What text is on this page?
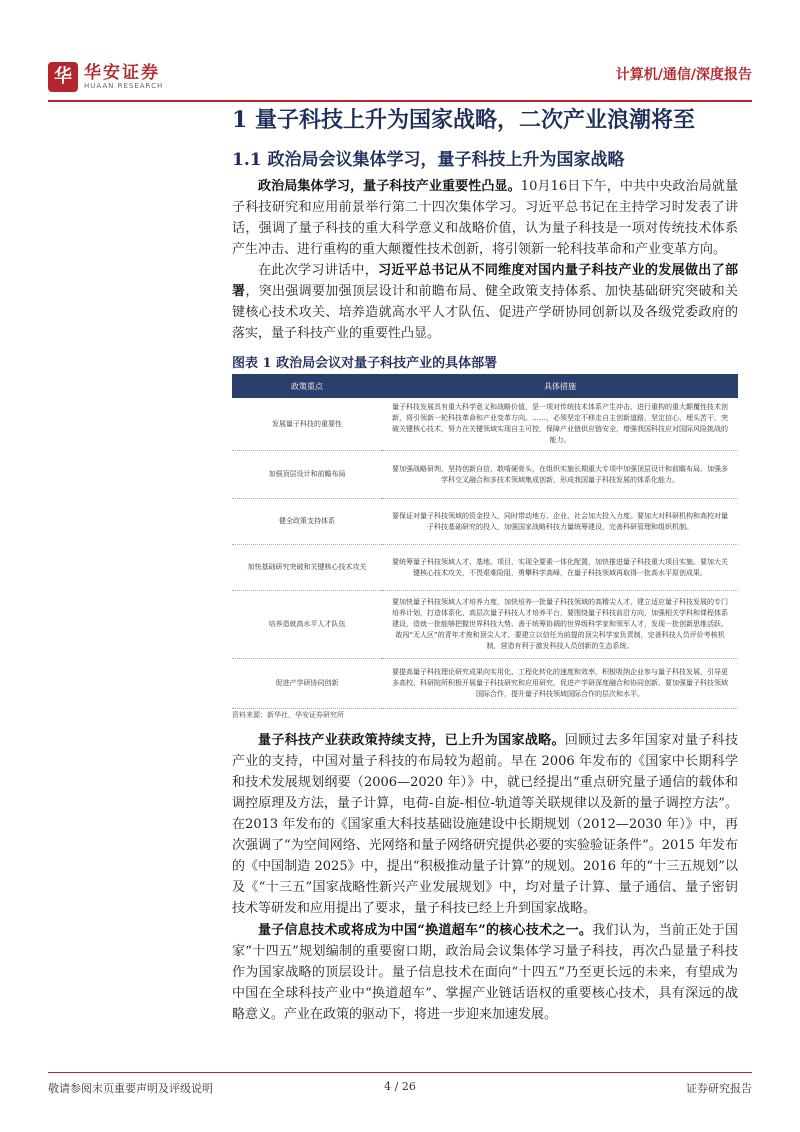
华 华安证券
HUAAN RESEARCH
计算机/通信/深度报告
1 量子科技上升为国家战略，二次产业浪潮将至
1.1 政治局会议集体学习，量子科技上升为国家战略

政治局集体学习，量子科技产业重要性凸显。10月16日下午，中共中央政治局就量子科技研究和应用前景举行第二十四次集体学习。习近平总书记在主持学习时发表了讲话，强调了量子科技的重大科学意义和战略价值，认为量子科技是一项对传统技术体系产生冲击、进行重构的重大颠覆性技术创新，将引领新一轮科技革命和产业变革方向。

在此次学习讲话中，习近平总书记从不同维度对国内量子科技产业的发展做出了部署，突出强调要加强顶层设计和前瞻布局、健全政策支持体系、加快基础研究突破和关键核心技术攻关、培养造就高水平人才队伍、促进产学研协同创新以及各级党委政府的落实，量子科技产业的重要性凸显。

图表 1 政治局会议对量子科技产业的具体部署
政策重点	具体措施
发展量子科技的重要性	量子科技发展具有重大科学意义和战略价值，是一项对传统技术体系产生冲击、进行重构的重大颠覆性技术创新，将引领新一轮科技革命和产业变革方向。……，必须坚定不移走自主创新道路，坚定信心、埋头苦干，突破关键核心技术，努力在关键领域实现自主可控，保障产业链供应链安全，增强我国科技应对国际风险挑战的能力。
加强顶层设计和前瞻布局	要加强战略研判，坚持创新自信，敢啃硬骨头，在组织实施长期重大专项中加强顶层设计和前瞻布局。加强多学科交叉融合和多技术领域集成创新，形成我国量子科技发展的体系化能力。
健全政策支持体系	要保证对量子科技领域的资金投入，同时带动地方、企业、社会加大投入力度。要加大对科研机构和高校对量子科技基础研究的投入，加强国家战略科技力量统筹建设，完善科研管理和组织机制。
加快基础研究突破和关键核心技术攻关	要统筹量子科技领域人才、基地、项目，实现全要素一体化配置，加快推进量子科技重大项目实施。要加大关键核心技术攻关，不畏艰难险阻，勇攀科学高峰，在量子科技领域再取得一批高水平原创成果。
培养造就高水平人才队伍	要加快量子科技领域人才培养力度，加快培养一批量子科技领域的高精尖人才，建立适应量子科技发展的专门培养计划，打造体系化、高层次量子科技人才培养平台，要围绕量子科技前沿方向，加强相关学科和课程体系建设，造就一批能够把握世界科技大势、善于统筹协调的世界级科学家和领军人才，发现一批创新思维活跃、敢闯“无人区”的青年才俊和顶尖人才，要建立以信任为前提的顶尖科学家负责制，完善科技人员评价考核机制，营造有利于激发科技人员创新的生态系统。
促进产学研协同创新	要提高量子科技理论研究成果向实用化、工程化转化的速度和效率，积极吸纳企业参与量子科技发展，引导更多高校、科研院所积极开展量子科技研究和应用研究，促进产学研深度融合和协同创新。要加强量子科技领域国际合作，提升量子科技领域国际合作的层次和水平。
资料来源：新华社，华安证券研究所

量子科技产业获政策持续支持，已上升为国家战略。回顾过去多年国家对量子科技产业的支持，中国对量子科技的布局较为超前。早在 2006 年发布的《国家中长期科学和技术发展规划纲要（2006—2020 年）》中，就已经提出“重点研究量子通信的载体和调控原理及方法，量子计算，电荷-自旋-相位-轨道等关联规律以及新的量子调控方法”。在2013 年发布的《国家重大科技基础设施建设中长期规划（2012—2030 年）》中，再次强调了“为空间网络、光网络和量子网络研究提供必要的实验验证条件”。2015 年发布的《中国制造 2025》中，提出“积极推动量子计算”的规划。2016 年的“十三五规划”以及《“十三五”国家战略性新兴产业发展规划》中，均对量子计算、量子通信、量子密钥技术等研发和应用提出了要求，量子科技已经上升到国家战略。

量子信息技术或将成为中国“换道超车”的核心技术之一。我们认为，当前正处于国家“十四五”规划编制的重要窗口期，政治局会议集体学习量子科技，再次凸显量子科技作为国家战略的顶层设计。量子信息技术在面向“十四五”乃至更长远的未来，有望成为中国在全球科技产业中“换道超车”、掌握产业链话语权的重要核心技术，具有深远的战略意义。产业在政策的驱动下，将进一步迎来加速发展。

敬请参阅末页重要声明及评级说明	4 / 26	证券研究报告
